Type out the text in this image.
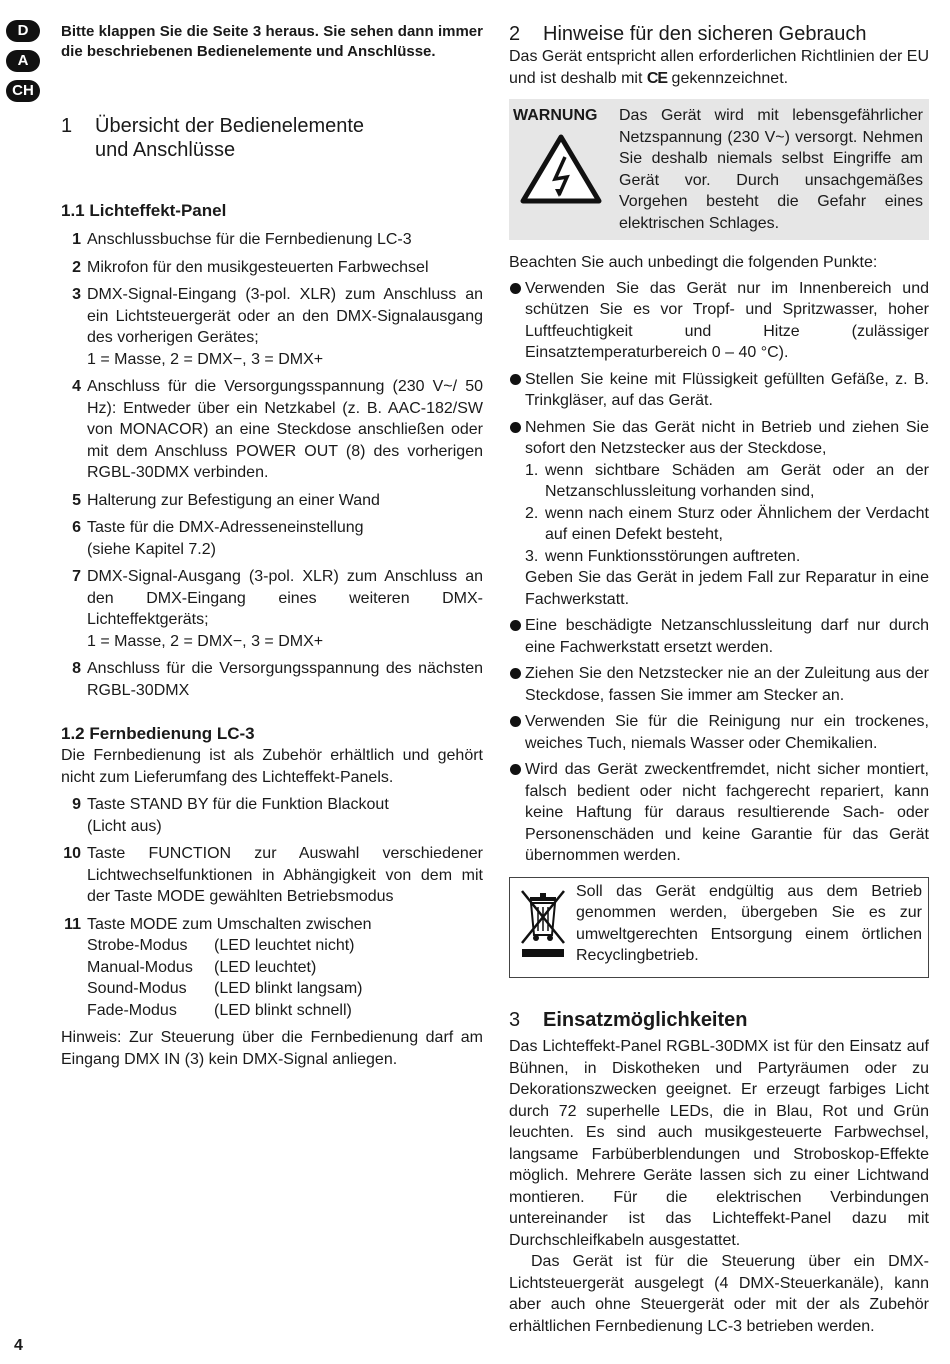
D
A
CH

Bitte klappen Sie die Seite 3 heraus. Sie sehen dann immer die beschriebenen Bedienelemente und Anschlüsse.

1	Übersicht der Bedienelemente
und Anschlüsse
1.1 Lichteffekt-Panel
1 Anschlussbuchse für die Fernbedienung LC-3
2 Mikrofon für den musikgesteuerten Farbwechsel
3 DMX-Signal-Eingang (3-pol. XLR) zum Anschluss an ein Lichtsteuergerät oder an den DMX-Signalausgang des vorherigen Gerätes;
1 = Masse, 2 = DMX−, 3 = DMX+
4 Anschluss für die Versorgungsspannung (230 V~/ 50 Hz): Entweder über ein Netzkabel (z. B. AAC-182/SW von MONACOR) an eine Steckdose anschließen oder mit dem Anschluss POWER OUT (8) des vorherigen RGBL-30DMX verbinden.
5 Halterung zur Befestigung an einer Wand
6 Taste für die DMX-Adresseneinstellung
(siehe Kapitel 7.2)
7 DMX-Signal-Ausgang (3-pol. XLR) zum Anschluss an den DMX-Eingang eines weiteren DMX-Lichteffektgeräts;
1 = Masse, 2 = DMX−, 3 = DMX+
8 Anschluss für die Versorgungsspannung des nächsten RGBL-30DMX
1.2 Fernbedienung LC-3

Die Fernbedienung ist als Zubehör erhältlich und gehört nicht zum Lieferumfang des Lichteffekt-Panels.

9 Taste STAND BY für die Funktion Blackout
(Licht aus)
10 Taste FUNCTION zur Auswahl verschiedener Lichtwechselfunktionen in Abhängigkeit von dem mit der Taste MODE gewählten Betriebsmodus
11 Taste MODE zum Umschalten zwischen
Strobe-Modus	(LED leuchtet nicht)
Manual-Modus	(LED leuchtet)
Sound-Modus	(LED blinkt langsam)
Fade-Modus	(LED blinkt schnell)

Hinweis: Zur Steuerung über die Fernbedienung darf am Eingang DMX IN (3) kein DMX-Signal anliegen.

2	Hinweise für den sicheren Gebrauch

Das Gerät entspricht allen erforderlichen Richtlinien der EU und ist deshalb mit CE gekennzeichnet.

WARNUNG	Das Gerät wird mit lebensgefährlicher Netzspannung (230 V~) versorgt. Nehmen Sie deshalb niemals selbst Eingriffe am Gerät vor. Durch unsachgemäßes Vorgehen besteht die Gefahr eines elektrischen Schlages.

Beachten Sie auch unbedingt die folgenden Punkte:

Verwenden Sie das Gerät nur im Innenbereich und schützen Sie es vor Tropf- und Spritzwasser, hoher Luftfeuchtigkeit und Hitze (zulässiger Einsatztemperaturbereich 0 – 40 °C).
Stellen Sie keine mit Flüssigkeit gefüllten Gefäße, z. B. Trinkgläser, auf das Gerät.
Nehmen Sie das Gerät nicht in Betrieb und ziehen Sie sofort den Netzstecker aus der Steckdose,
1. wenn sichtbare Schäden am Gerät oder an der Netzanschlussleitung vorhanden sind,
2. wenn nach einem Sturz oder Ähnlichem der Verdacht auf einen Defekt besteht,
3. wenn Funktionsstörungen auftreten.
Geben Sie das Gerät in jedem Fall zur Reparatur in eine Fachwerkstatt.
Eine beschädigte Netzanschlussleitung darf nur durch eine Fachwerkstatt ersetzt werden.
Ziehen Sie den Netzstecker nie an der Zuleitung aus der Steckdose, fassen Sie immer am Stecker an.
Verwenden Sie für die Reinigung nur ein trockenes, weiches Tuch, niemals Wasser oder Chemikalien.
Wird das Gerät zweckentfremdet, nicht sicher montiert, falsch bedient oder nicht fachgerecht repariert, kann keine Haftung für daraus resultierende Sach- oder Personenschäden und keine Garantie für das Gerät übernommen werden.
Soll das Gerät endgültig aus dem Betrieb genommen werden, übergeben Sie es zur umweltgerechten Entsorgung einem örtlichen Recyclingbetrieb.
3	Einsatzmöglichkeiten

Das Lichteffekt-Panel RGBL-30DMX ist für den Einsatz auf Bühnen, in Diskotheken und Partyräumen oder zu Dekorationszwecken geeignet. Er erzeugt farbiges Licht durch 72 superhelle LEDs, die in Blau, Rot und Grün leuchten. Es sind auch musikgesteuerte Farbwechsel, langsame Farbüberblendungen und Stroboskop-Effekte möglich. Mehrere Geräte lassen sich zu einer Lichtwand montieren. Für die elektrischen Verbindungen untereinander ist das Lichteffekt-Panel dazu mit Durchschleifkabeln ausgestattet.

Das Gerät ist für die Steuerung über ein DMX-Lichtsteuergerät ausgelegt (4 DMX-Steuerkanäle), kann aber auch ohne Steuergerät oder mit der als Zubehör erhältlichen Fernbedienung LC-3 betrieben werden.

4
